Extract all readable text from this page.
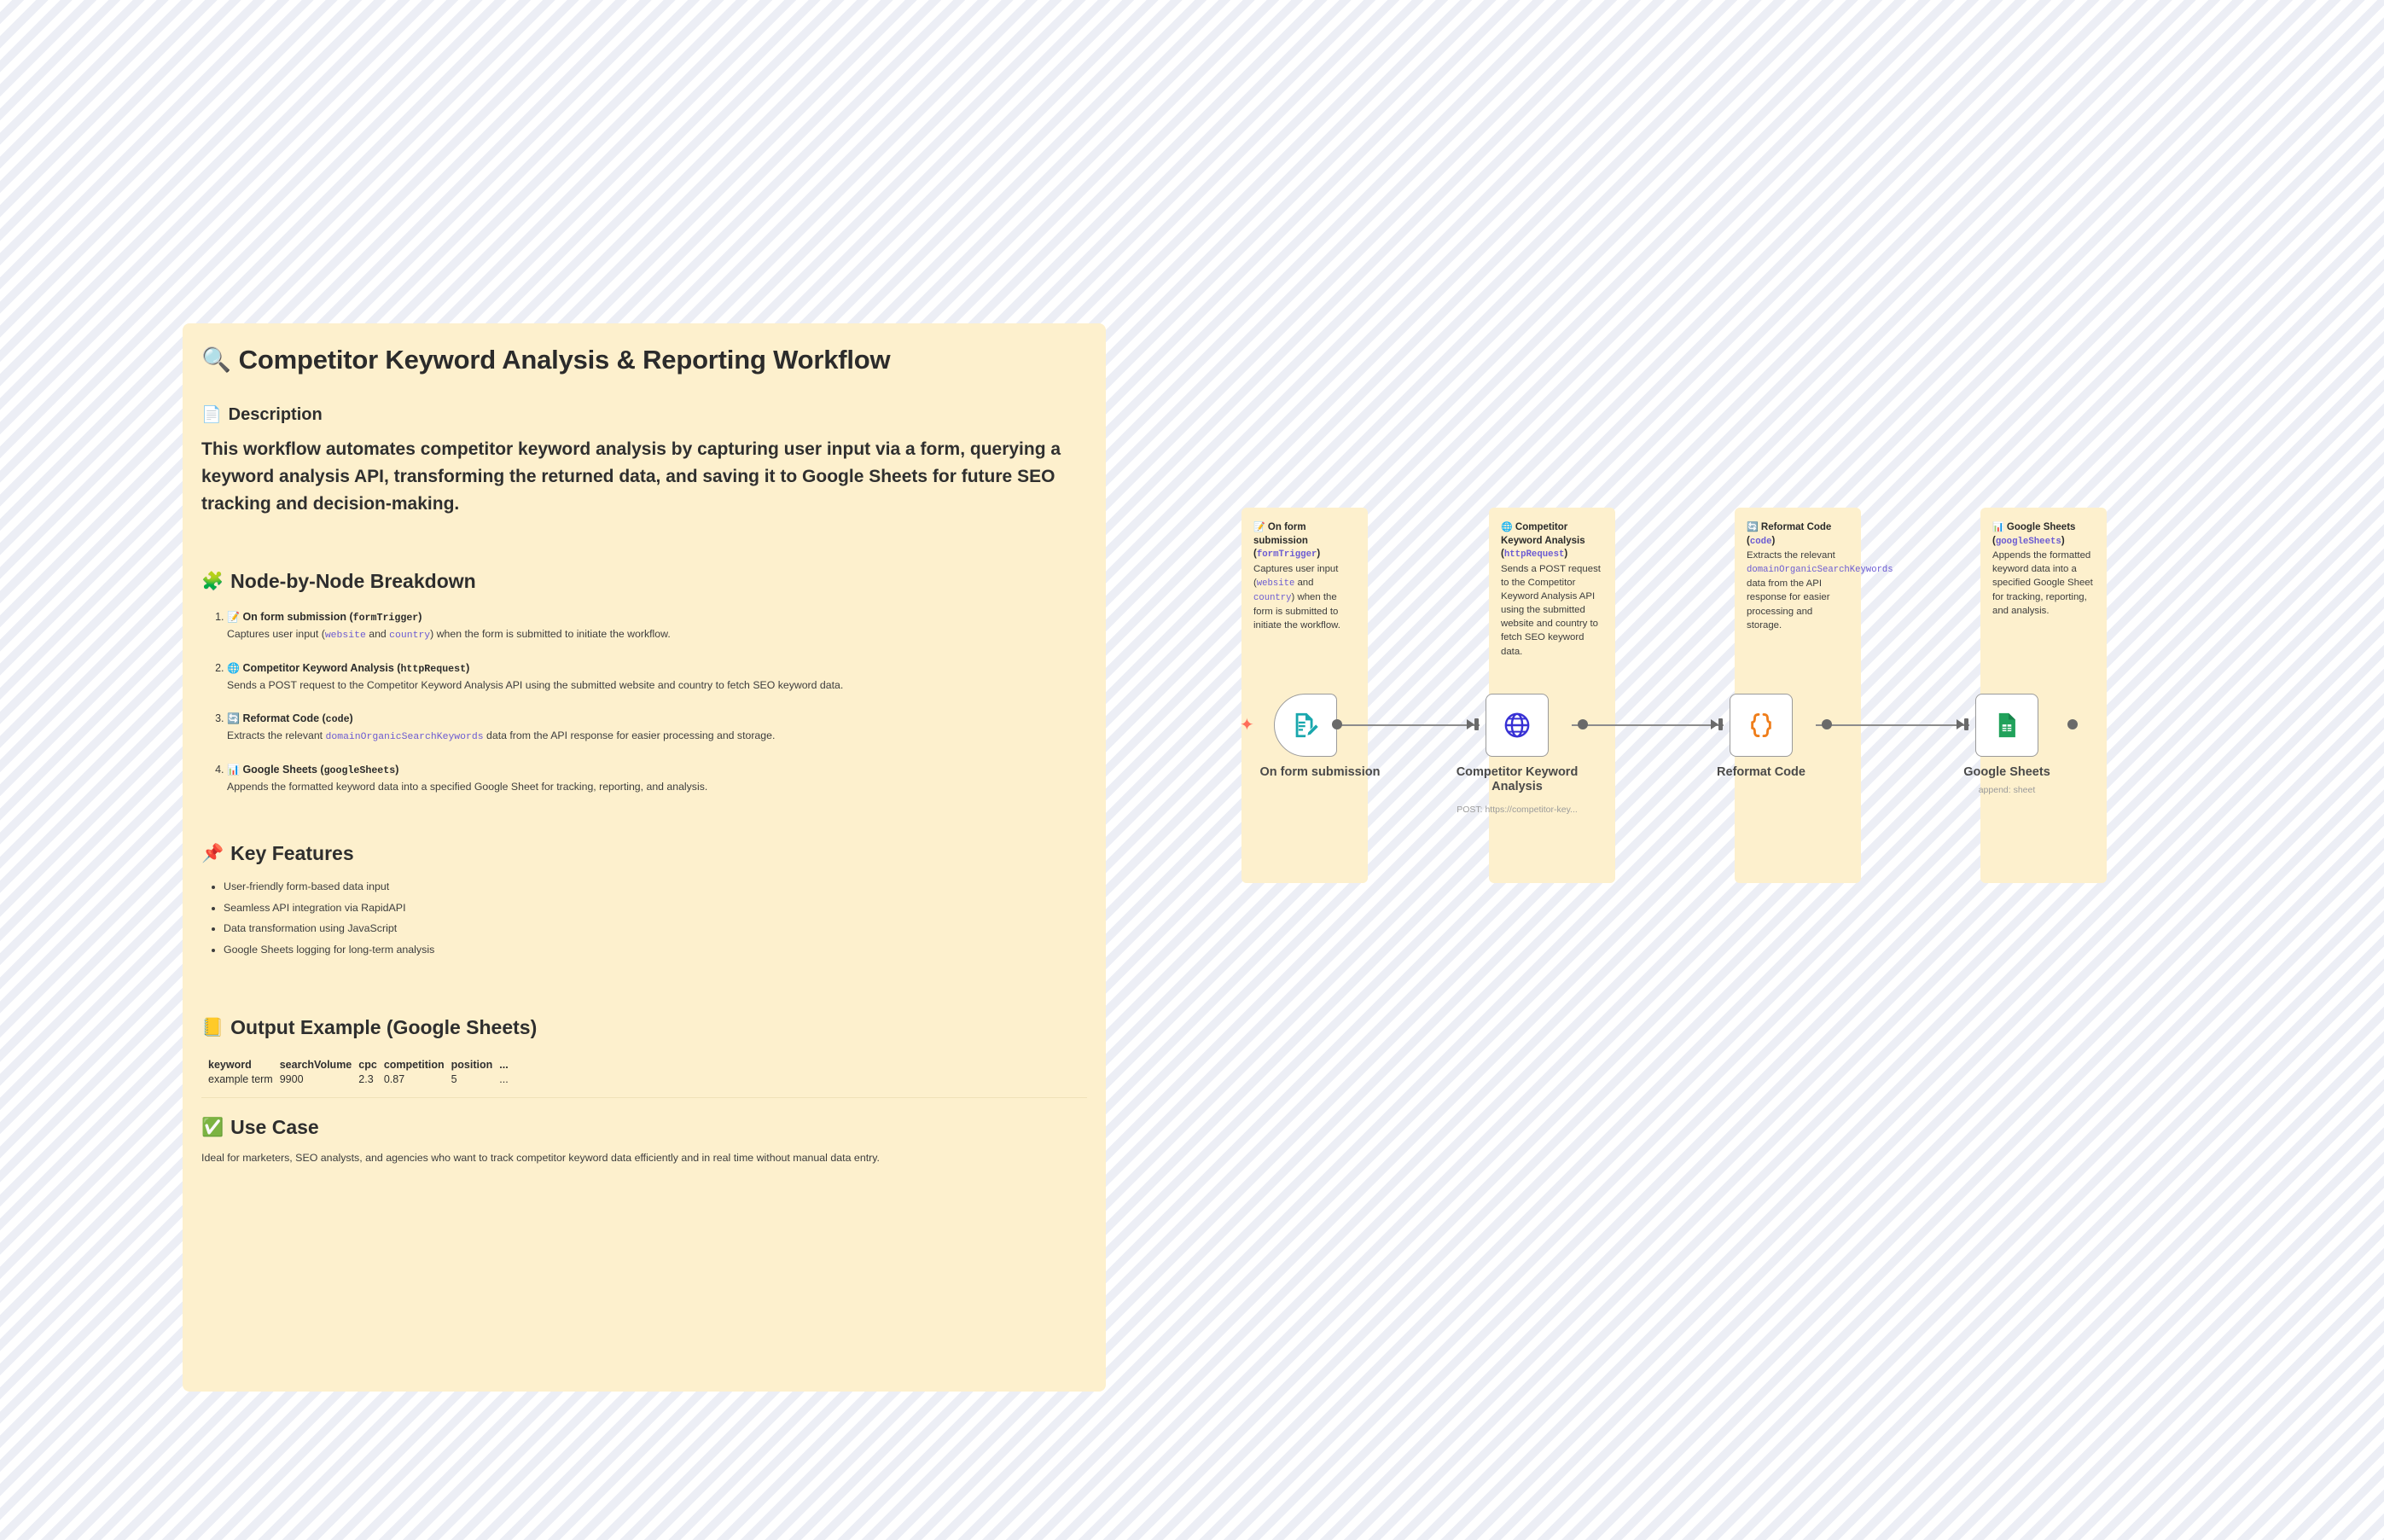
🔍 Competitor Keyword Analysis & Reporting Workflow
📄 Description

This workflow automates competitor keyword analysis by capturing user input via a form, querying a keyword analysis API, transforming the returned data, and saving it to Google Sheets for future SEO tracking and decision-making.

🧩 Node-by-Node Breakdown
1. 📝 On form submission (formTrigger)
Captures user input (website and country) when the form is submitted to initiate the workflow.
2. 🌐 Competitor Keyword Analysis (httpRequest)
Sends a POST request to the Competitor Keyword Analysis API using the submitted website and country to fetch SEO keyword data.
3. 🔄 Reformat Code (code)
Extracts the relevant domainOrganicSearchKeywords data from the API response for easier processing and storage.
4. 📊 Google Sheets (googleSheets)
Appends the formatted keyword data into a specified Google Sheet for tracking, reporting, and analysis.
📌 Key Features
• User-friendly form-based data input
• Seamless API integration via RapidAPI
• Data transformation using JavaScript
• Google Sheets logging for long-term analysis
📒 Output Example (Google Sheets)
keyword	searchVolume	cpc	competition	position	...
example term	9900	2.3	0.87	5	...
✅ Use Case

Ideal for marketers, SEO analysts, and agencies who want to track competitor keyword data efficiently and in real time without manual data entry.

📝 On form submission (formTrigger)
Captures user input (website and country) when the form is submitted to initiate the workflow.
🌐 Competitor Keyword Analysis (httpRequest)
Sends a POST request to the Competitor Keyword Analysis API using the submitted website and country to fetch SEO keyword data.
🔄 Reformat Code (code)
Extracts the relevant domainOrganicSearchKeywords data from the API response for easier processing and storage.
📊 Google Sheets (googleSheets)
Appends the formatted keyword data into a specified Google Sheet for tracking, reporting, and analysis.
✦
On form submission	Competitor Keyword Analysis
POST: https://competitor-key...
Reformat Code	Google Sheets
append: sheet
